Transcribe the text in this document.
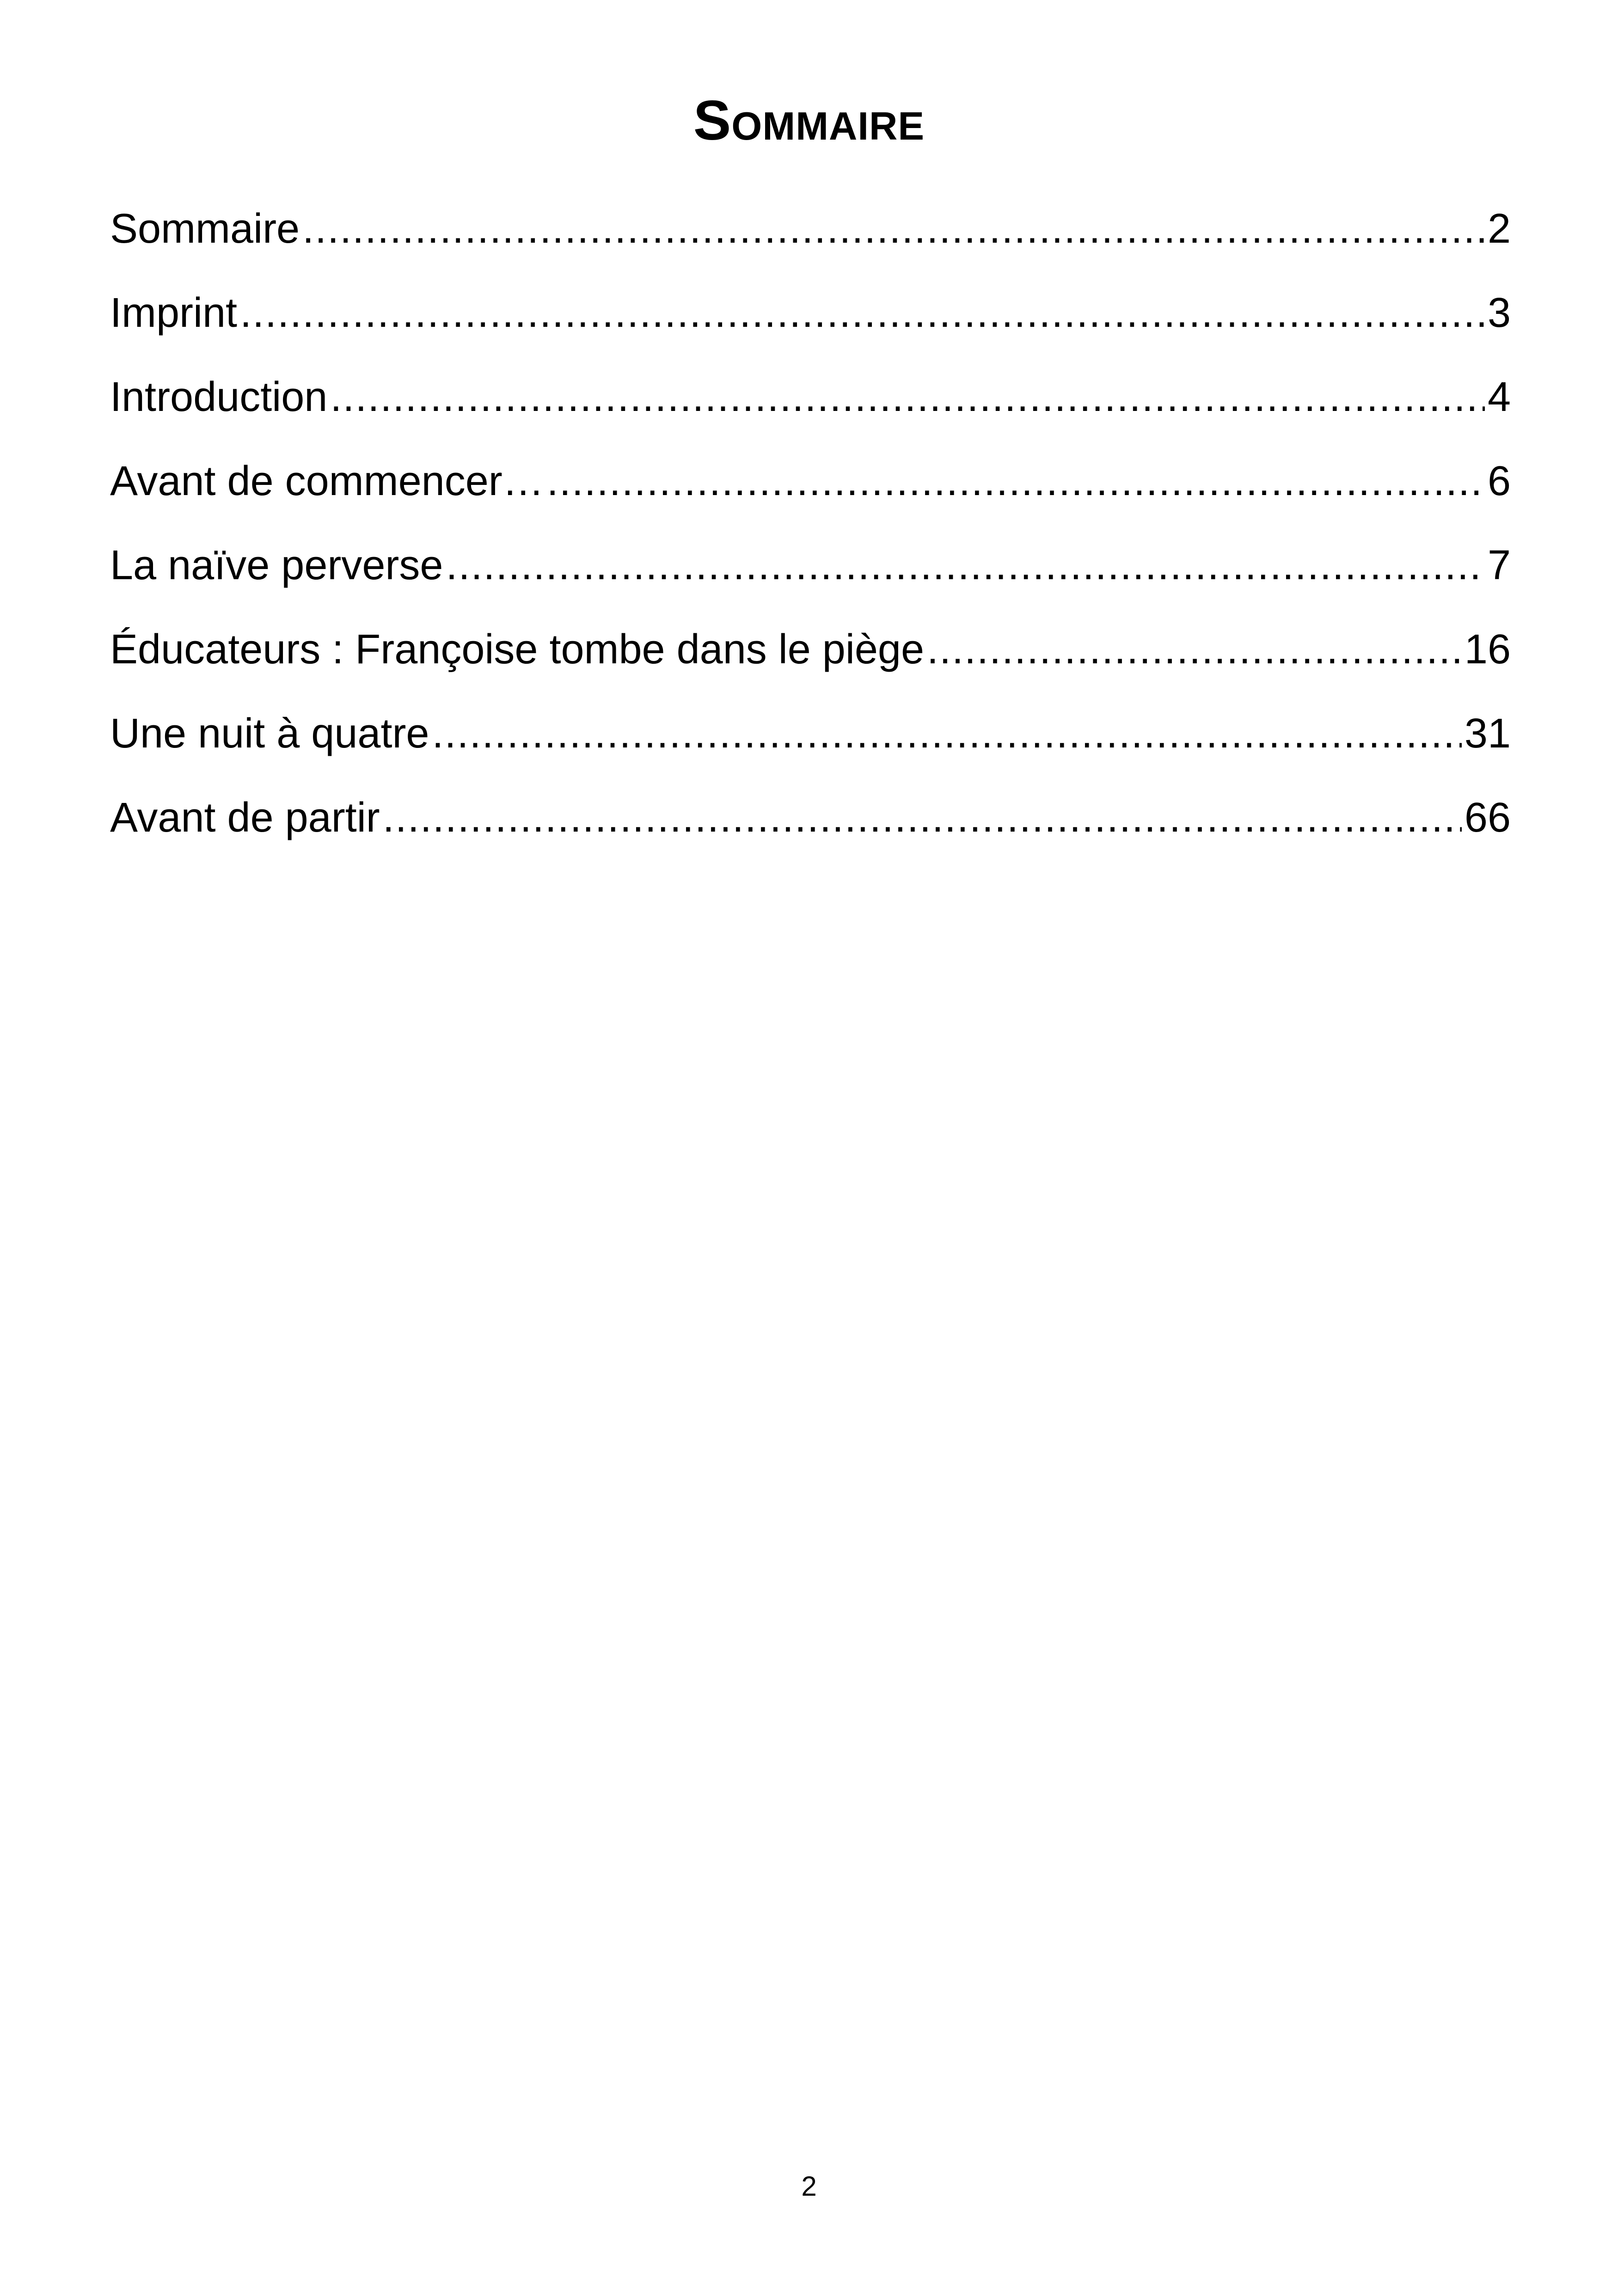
Sommaire
Sommaire .....	2
Imprint .....	3
Introduction .....	4
Avant de commencer… .....	6
La naïve perverse .....	7
Éducateurs : Françoise tombe dans le piège .....	16
Une nuit à quatre .....	31
Avant de partir .....	66
2
